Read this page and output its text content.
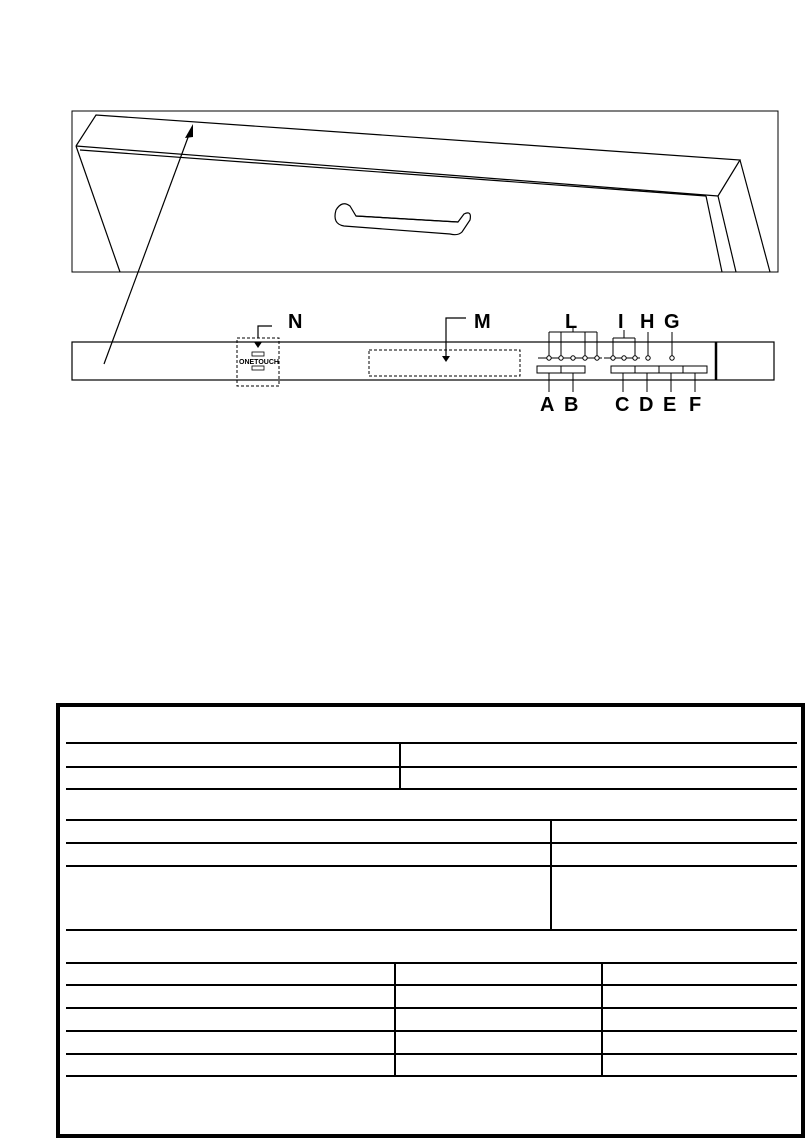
ONETOUCH
N	M	L I H G
A B C D E F
